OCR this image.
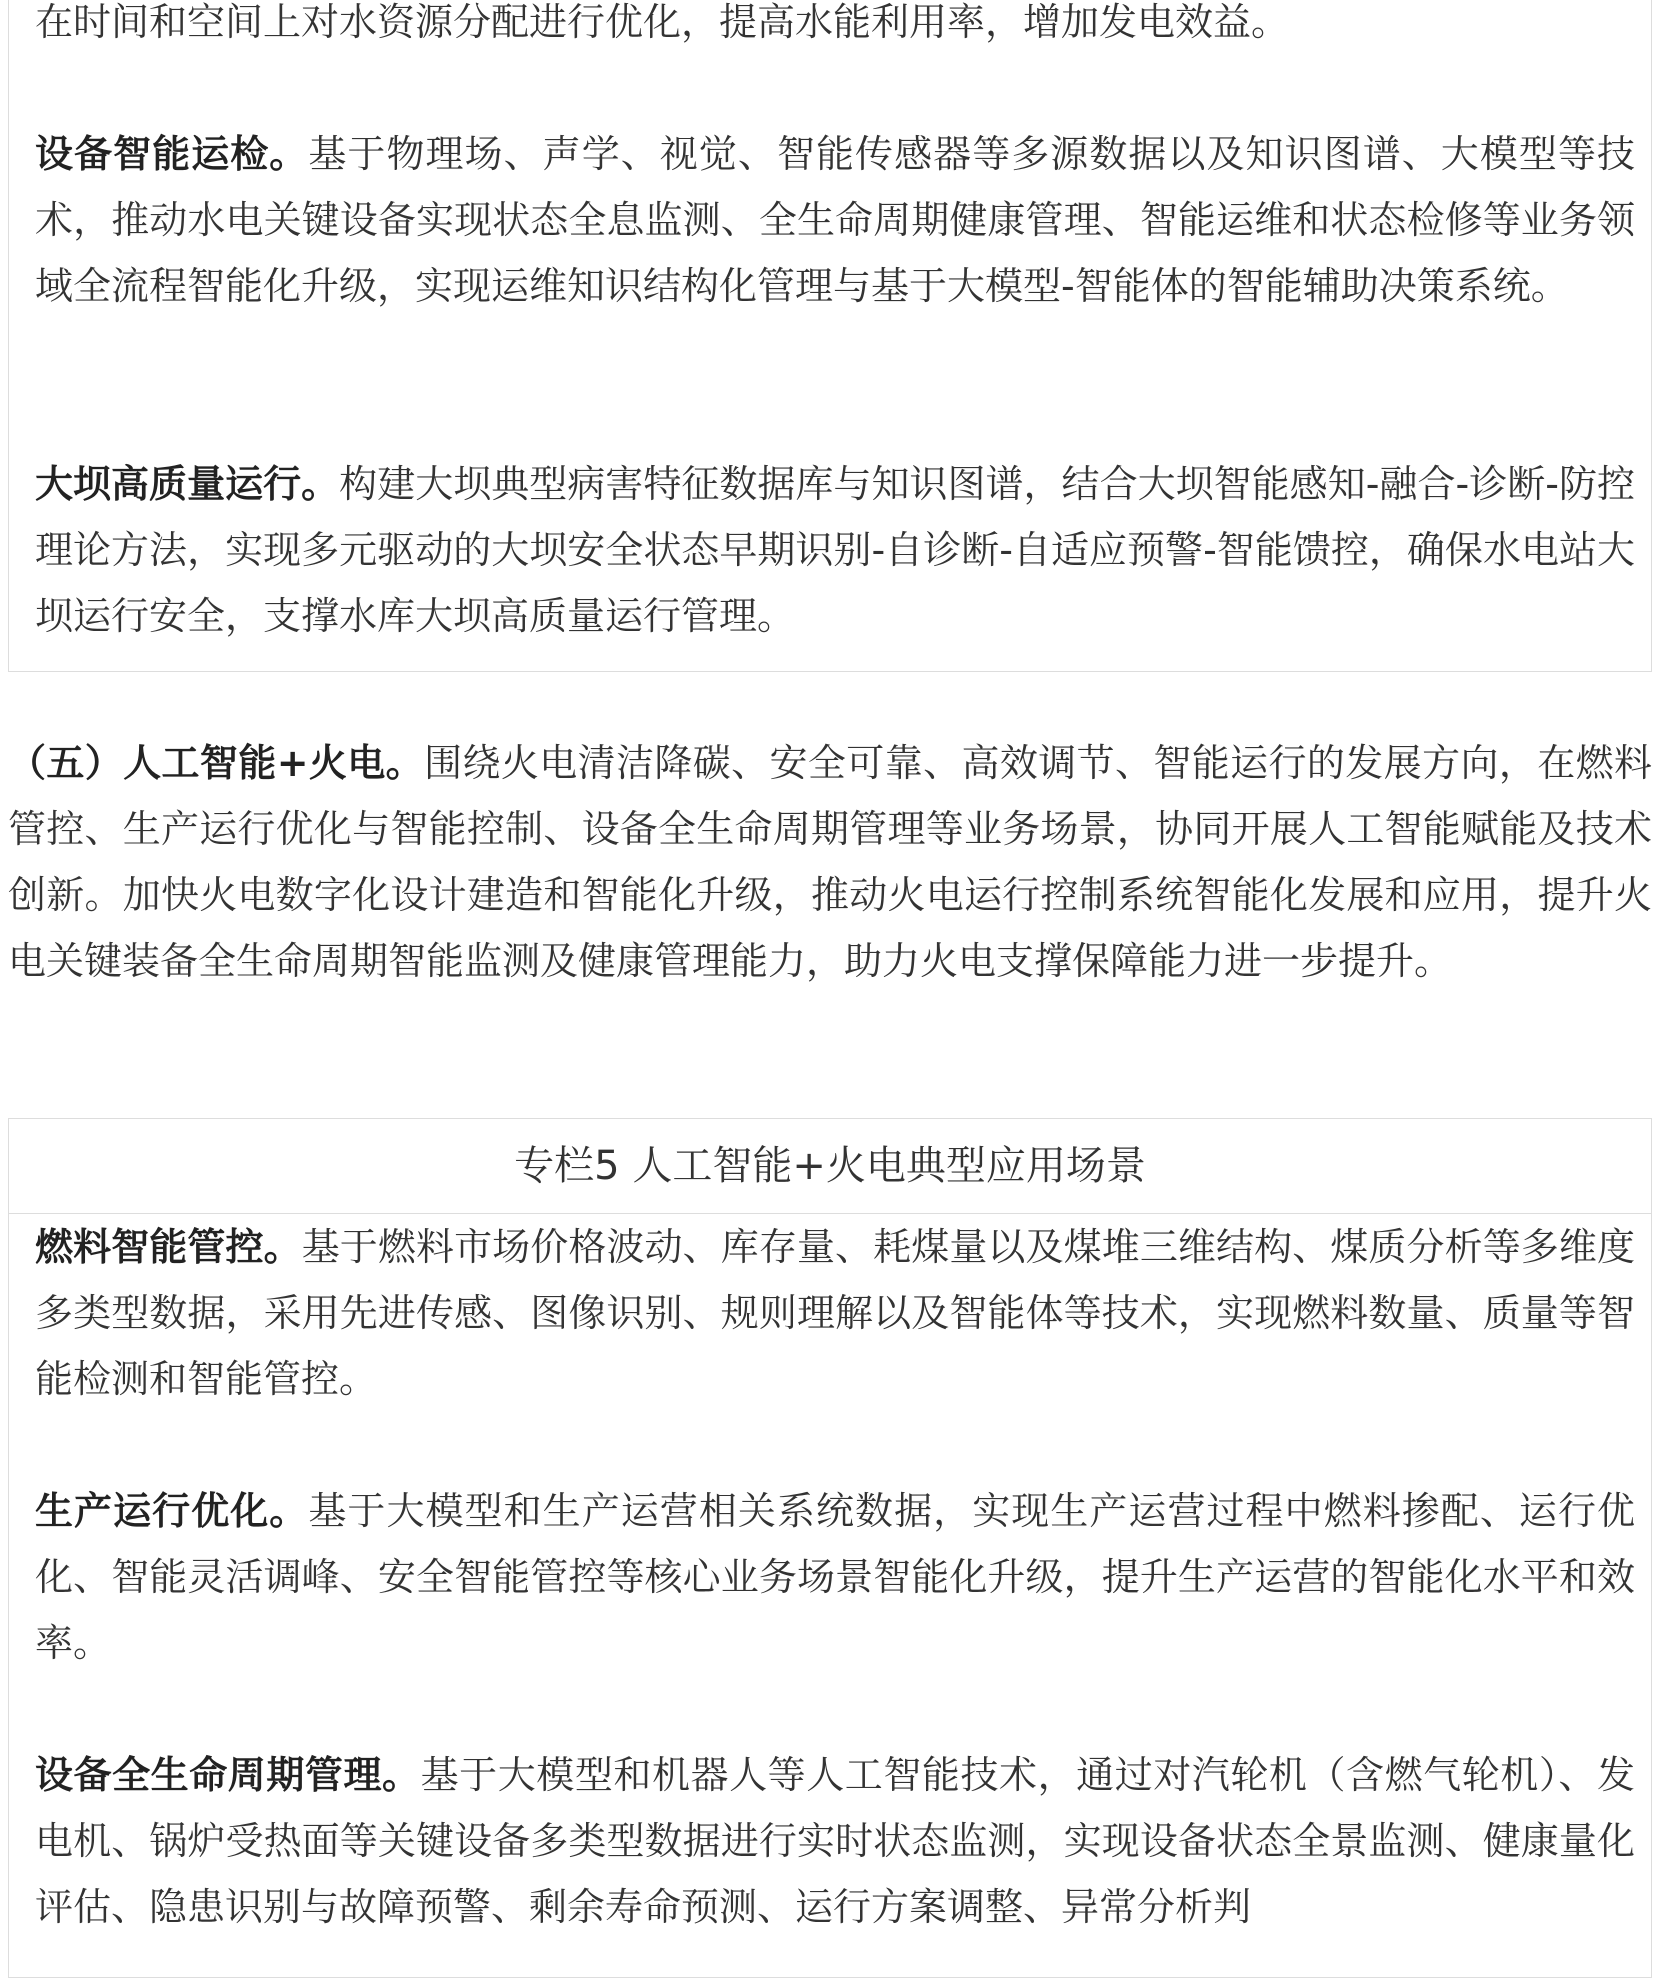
在时间和空间上对水资源分配进行优化，提高水能利用率，增加发电效益。

设备智能运检。基于物理场、声学、视觉、智能传感器等多源数据以及知识图谱、大模型等技术，推动水电关键设备实现状态全息监测、全生命周期健康管理、智能运维和状态检修等业务领域全流程智能化升级，实现运维知识结构化管理与基于大模型-智能体的智能辅助决策系统。

大坝高质量运行。构建大坝典型病害特征数据库与知识图谱，结合大坝智能感知-融合-诊断-防控理论方法，实现多元驱动的大坝安全状态早期识别-自诊断-自适应预警-智能馈控，确保水电站大坝运行安全，支撑水库大坝高质量运行管理。

（五）人工智能+火电。围绕火电清洁降碳、安全可靠、高效调节、智能运行的发展方向，在燃料管控、生产运行优化与智能控制、设备全生命周期管理等业务场景，协同开展人工智能赋能及技术创新。加快火电数字化设计建造和智能化升级，推动火电运行控制系统智能化发展和应用，提升火电关键装备全生命周期智能监测及健康管理能力，助力火电支撑保障能力进一步提升。

专栏5 人工智能+火电典型应用场景

燃料智能管控。基于燃料市场价格波动、库存量、耗煤量以及煤堆三维结构、煤质分析等多维度多类型数据，采用先进传感、图像识别、规则理解以及智能体等技术，实现燃料数量、质量等智能检测和智能管控。

生产运行优化。基于大模型和生产运营相关系统数据，实现生产运营过程中燃料掺配、运行优化、智能灵活调峰、安全智能管控等核心业务场景智能化升级，提升生产运营的智能化水平和效率。

设备全生命周期管理。基于大模型和机器人等人工智能技术，通过对汽轮机（含燃气轮机）、发电机、锅炉受热面等关键设备多类型数据进行实时状态监测，实现设备状态全景监测、健康量化评估、隐患识别与故障预警、剩余寿命预测、运行方案调整、异常分析判
